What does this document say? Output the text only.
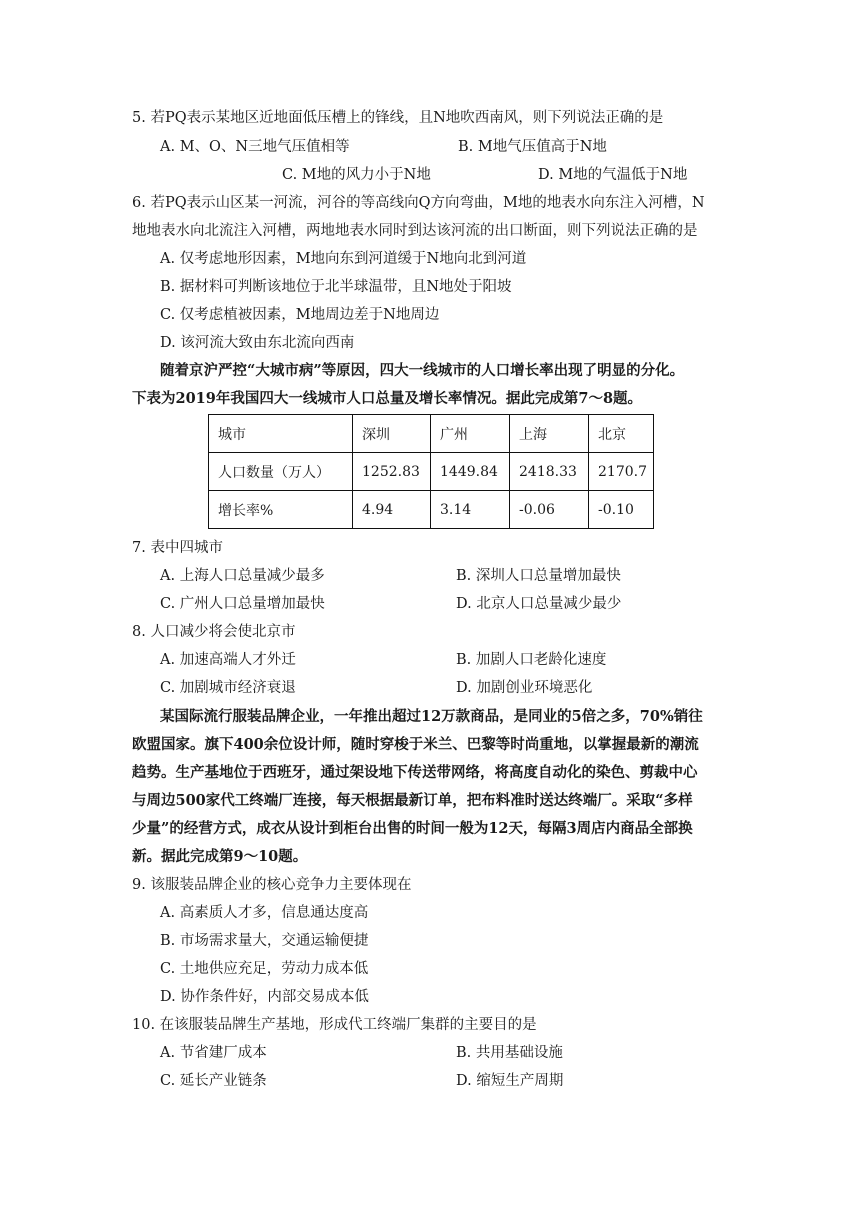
5. 若PQ表示某地区近地面低压槽上的锋线，且N地吹西南风，则下列说法正确的是
A. M、O、N三地气压值相等	B. M地气压值高于N地
C. M地的风力小于N地	D. M地的气温低于N地
6. 若PQ表示山区某一河流，河谷的等高线向Q方向弯曲，M地的地表水向东注入河槽，N
地地表水向北流注入河槽，两地地表水同时到达该河流的出口断面，则下列说法正确的是
A. 仅考虑地形因素，M地向东到河道缓于N地向北到河道
B. 据材料可判断该地位于北半球温带，且N地处于阳坡
C. 仅考虑植被因素，M地周边差于N地周边
D. 该河流大致由东北流向西南
随着京沪严控“大城市病”等原因，四大一线城市的人口增长率出现了明显的分化。
下表为2019年我国四大一线城市人口总量及增长率情况。据此完成第7～8题。
城市	深圳	广州	上海	北京
人口数量（万人）	1252.83	1449.84	2418.33	2170.7
增长率%	4.94	3.14	-0.06	-0.10
7. 表中四城市
A. 上海人口总量减少最多	B. 深圳人口总量增加最快
C. 广州人口总量增加最快	D. 北京人口总量减少最少
8. 人口减少将会使北京市
A. 加速高端人才外迁	B. 加剧人口老龄化速度
C. 加剧城市经济衰退	D. 加剧创业环境恶化
某国际流行服装品牌企业，一年推出超过12万款商品，是同业的5倍之多，70%销往
欧盟国家。旗下400余位设计师，随时穿梭于米兰、巴黎等时尚重地，以掌握最新的潮流
趋势。生产基地位于西班牙，通过架设地下传送带网络，将高度自动化的染色、剪裁中心
与周边500家代工终端厂连接，每天根据最新订单，把布料准时送达终端厂。采取“多样
少量”的经营方式，成衣从设计到柜台出售的时间一般为12天，每隔3周店内商品全部换
新。据此完成第9～10题。
9. 该服装品牌企业的核心竞争力主要体现在
A. 高素质人才多，信息通达度高
B. 市场需求量大，交通运输便捷
C. 土地供应充足，劳动力成本低
D. 协作条件好，内部交易成本低
10. 在该服装品牌生产基地，形成代工终端厂集群的主要目的是
A. 节省建厂成本	B. 共用基础设施
C. 延长产业链条	D. 缩短生产周期
